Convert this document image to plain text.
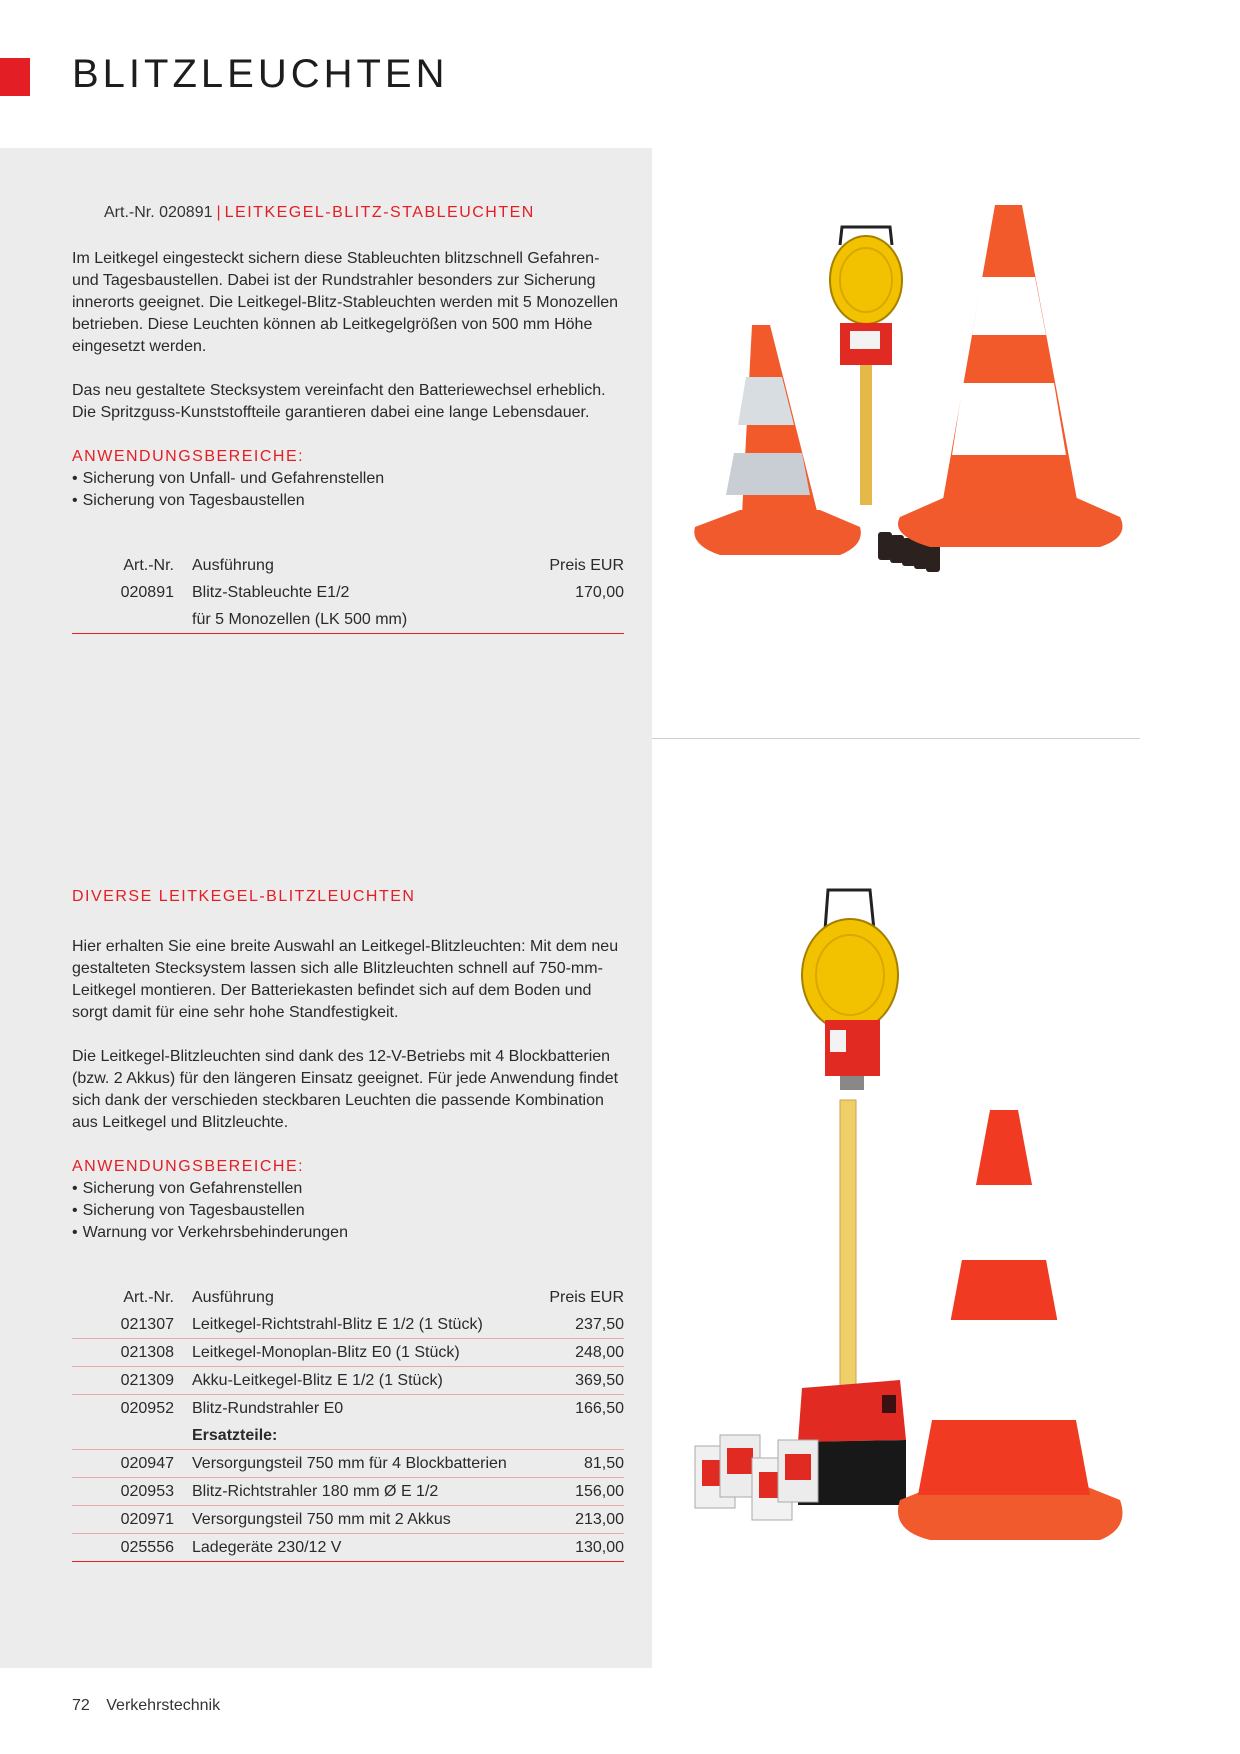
BLITZLEUCHTEN

Art.-Nr. 020891 | LEITKEGEL-BLITZ-STABLEUCHTEN

Im Leitkegel eingesteckt sichern diese Stableuchten blitzschnell Gefahren- und Tagesbaustellen. Dabei ist der Rundstrahler besonders zur Sicherung innerorts geeignet. Die Leitkegel-Blitz-Stableuchten werden mit 5 Monozellen betrieben. Diese Leuchten können ab Leitkegelgrößen von 500 mm Höhe eingesetzt werden.

Das neu gestaltete Stecksystem vereinfacht den Batteriewechsel erheblich. Die Spritzguss-Kunststoffteile garantieren dabei eine lange Lebensdauer.

ANWENDUNGSBEREICHE:
• Sicherung von Unfall- und Gefahrenstellen
• Sicherung von Tagesbaustellen
Art.-Nr.	Ausführung	Preis EUR
020891	Blitz-Stableuchte E1/2	170,00
	für 5 Monozellen (LK 500 mm)	

DIVERSE LEITKEGEL-BLITZLEUCHTEN

Hier erhalten Sie eine breite Auswahl an Leitkegel-Blitzleuchten: Mit dem neu gestalteten Stecksystem lassen sich alle Blitzleuchten schnell auf 750-mm-Leitkegel montieren. Der Batteriekasten befindet sich auf dem Boden und sorgt damit für eine sehr hohe Standfestigkeit.

Die Leitkegel-Blitzleuchten sind dank des 12-V-Betriebs mit 4 Blockbatterien (bzw. 2 Akkus) für den längeren Einsatz geeignet. Für jede Anwendung findet sich dank der verschieden steckbaren Leuchten die passende Kombination aus Leitkegel und Blitzleuchte.

ANWENDUNGSBEREICHE:
• Sicherung von Gefahrenstellen
• Sicherung von Tagesbaustellen
• Warnung vor Verkehrsbehinderungen
Art.-Nr.	Ausführung	Preis EUR
021307	Leitkegel-Richtstrahl-Blitz E 1/2 (1 Stück)	237,50
021308	Leitkegel-Monoplan-Blitz E0 (1 Stück)	248,00
021309	Akku-Leitkegel-Blitz E 1/2 (1 Stück)	369,50
020952	Blitz-Rundstrahler E0	166,50
	Ersatzteile:	
020947	Versorgungsteil 750 mm für 4 Blockbatterien	81,50
020953	Blitz-Richtstrahler 180 mm Ø E 1/2	156,00
020971	Versorgungsteil 750 mm mit 2 Akkus	213,00
025556	Ladegeräte 230/12 V	130,00
72 Verkehrstechnik
